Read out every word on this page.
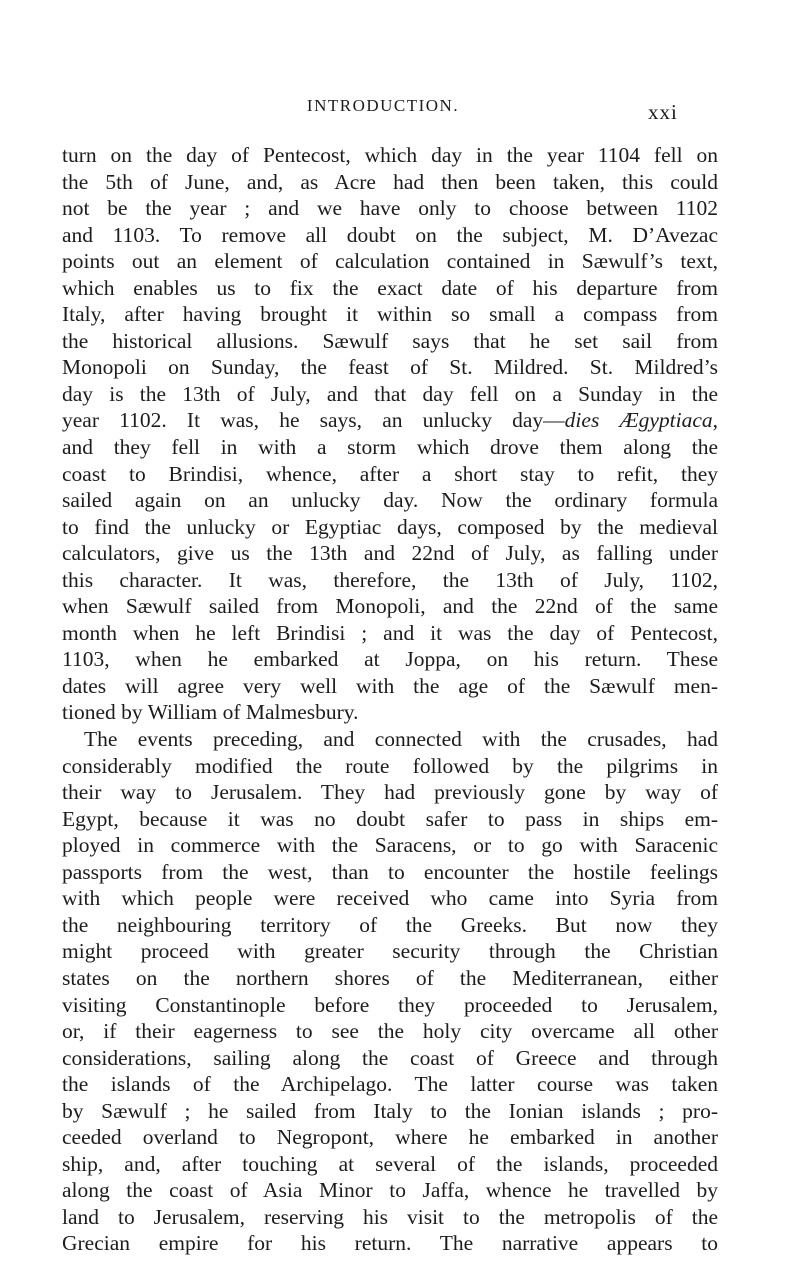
INTRODUCTION.	xxi
turn on the day of Pentecost, which day in the year 1104 fell on
the 5th of June, and, as Acre had then been taken, this could
not be the year ; and we have only to choose between 1102
and 1103. To remove all doubt on the subject, M. D’Avezac
points out an element of calculation contained in Sæwulf’s text,
which enables us to fix the exact date of his departure from
Italy, after having brought it within so small a compass from
the historical allusions. Sæwulf says that he set sail from
Monopoli on Sunday, the feast of St. Mildred. St. Mildred’s
day is the 13th of July, and that day fell on a Sunday in the
year 1102. It was, he says, an unlucky day—dies Ægyptiaca,
and they fell in with a storm which drove them along the
coast to Brindisi, whence, after a short stay to refit, they
sailed again on an unlucky day. Now the ordinary formula
to find the unlucky or Egyptiac days, composed by the medieval
calculators, give us the 13th and 22nd of July, as falling under
this character. It was, therefore, the 13th of July, 1102,
when Sæwulf sailed from Monopoli, and the 22nd of the same
month when he left Brindisi ; and it was the day of Pentecost,
1103, when he embarked at Joppa, on his return. These
dates will agree very well with the age of the Sæwulf men-
tioned by William of Malmesbury.
The events preceding, and connected with the crusades, had
considerably modified the route followed by the pilgrims in
their way to Jerusalem. They had previously gone by way of
Egypt, because it was no doubt safer to pass in ships em-
ployed in commerce with the Saracens, or to go with Saracenic
passports from the west, than to encounter the hostile feelings
with which people were received who came into Syria from
the neighbouring territory of the Greeks. But now they
might proceed with greater security through the Christian
states on the northern shores of the Mediterranean, either
visiting Constantinople before they proceeded to Jerusalem,
or, if their eagerness to see the holy city overcame all other
considerations, sailing along the coast of Greece and through
the islands of the Archipelago. The latter course was taken
by Sæwulf ; he sailed from Italy to the Ionian islands ; pro-
ceeded overland to Negropont, where he embarked in another
ship, and, after touching at several of the islands, proceeded
along the coast of Asia Minor to Jaffa, whence he travelled by
land to Jerusalem, reserving his visit to the metropolis of the
Grecian empire for his return. The narrative appears to
